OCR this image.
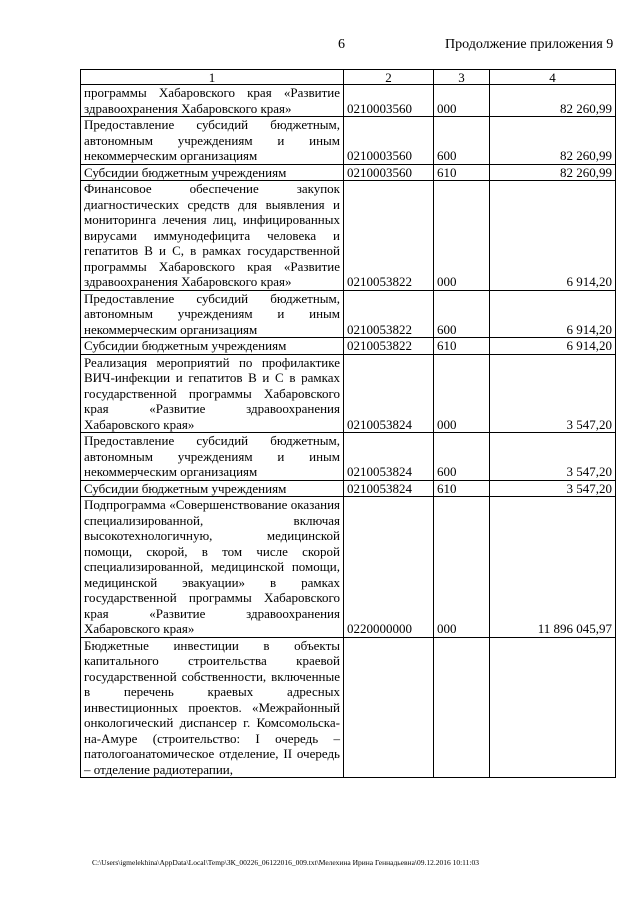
6	Продолжение приложения 9
1	2	3	4
программы Хабаровского края «Развитие здравоохранения Хабаровского края»	0210003560	000	82 260,99
Предоставление субсидий бюджетным, автономным учреждениям и иным некоммерческим организациям	0210003560	600	82 260,99
Субсидии бюджетным учреждениям	0210003560	610	82 260,99
Финансовое обеспечение закупок диагностических средств для выявления и мониторинга лечения лиц, инфицированных вирусами иммунодефицита человека и гепатитов В и С, в рамках государственной программы Хабаровского края «Развитие здравоохранения Хабаровского края»	0210053822	000	6 914,20
Предоставление субсидий бюджетным, автономным учреждениям и иным некоммерческим организациям	0210053822	600	6 914,20
Субсидии бюджетным учреждениям	0210053822	610	6 914,20
Реализация мероприятий по профилактике ВИЧ-инфекции и гепатитов В и С в рамках государственной программы Хабаровского края «Развитие здравоохранения Хабаровского края»	0210053824	000	3 547,20
Предоставление субсидий бюджетным, автономным учреждениям и иным некоммерческим организациям	0210053824	600	3 547,20
Субсидии бюджетным учреждениям	0210053824	610	3 547,20
Подпрограмма «Совершенствование оказания специализированной, включая высокотехнологичную, медицинской помощи, скорой, в том числе скорой специализированной, медицинской помощи, медицинской эвакуации» в рамках государственной программы Хабаровского края «Развитие здравоохранения Хабаровского края»	0220000000	000	11 896 045,97
Бюджетные инвестиции в объекты капитального строительства краевой государственной собственности, включенные в перечень краевых адресных инвестиционных проектов. «Межрайонный онкологический диспансер г. Комсомольска-на-Амуре (строительство: I очередь – патологоанатомическое отделение, II очередь – отделение радиотерапии,			
C:\Users\igmelekhina\AppData\Local\Temp\ЗК_00226_06122016_009.txt\Мелехина Ирина Геннадьевна\09.12.2016 10:11:03
